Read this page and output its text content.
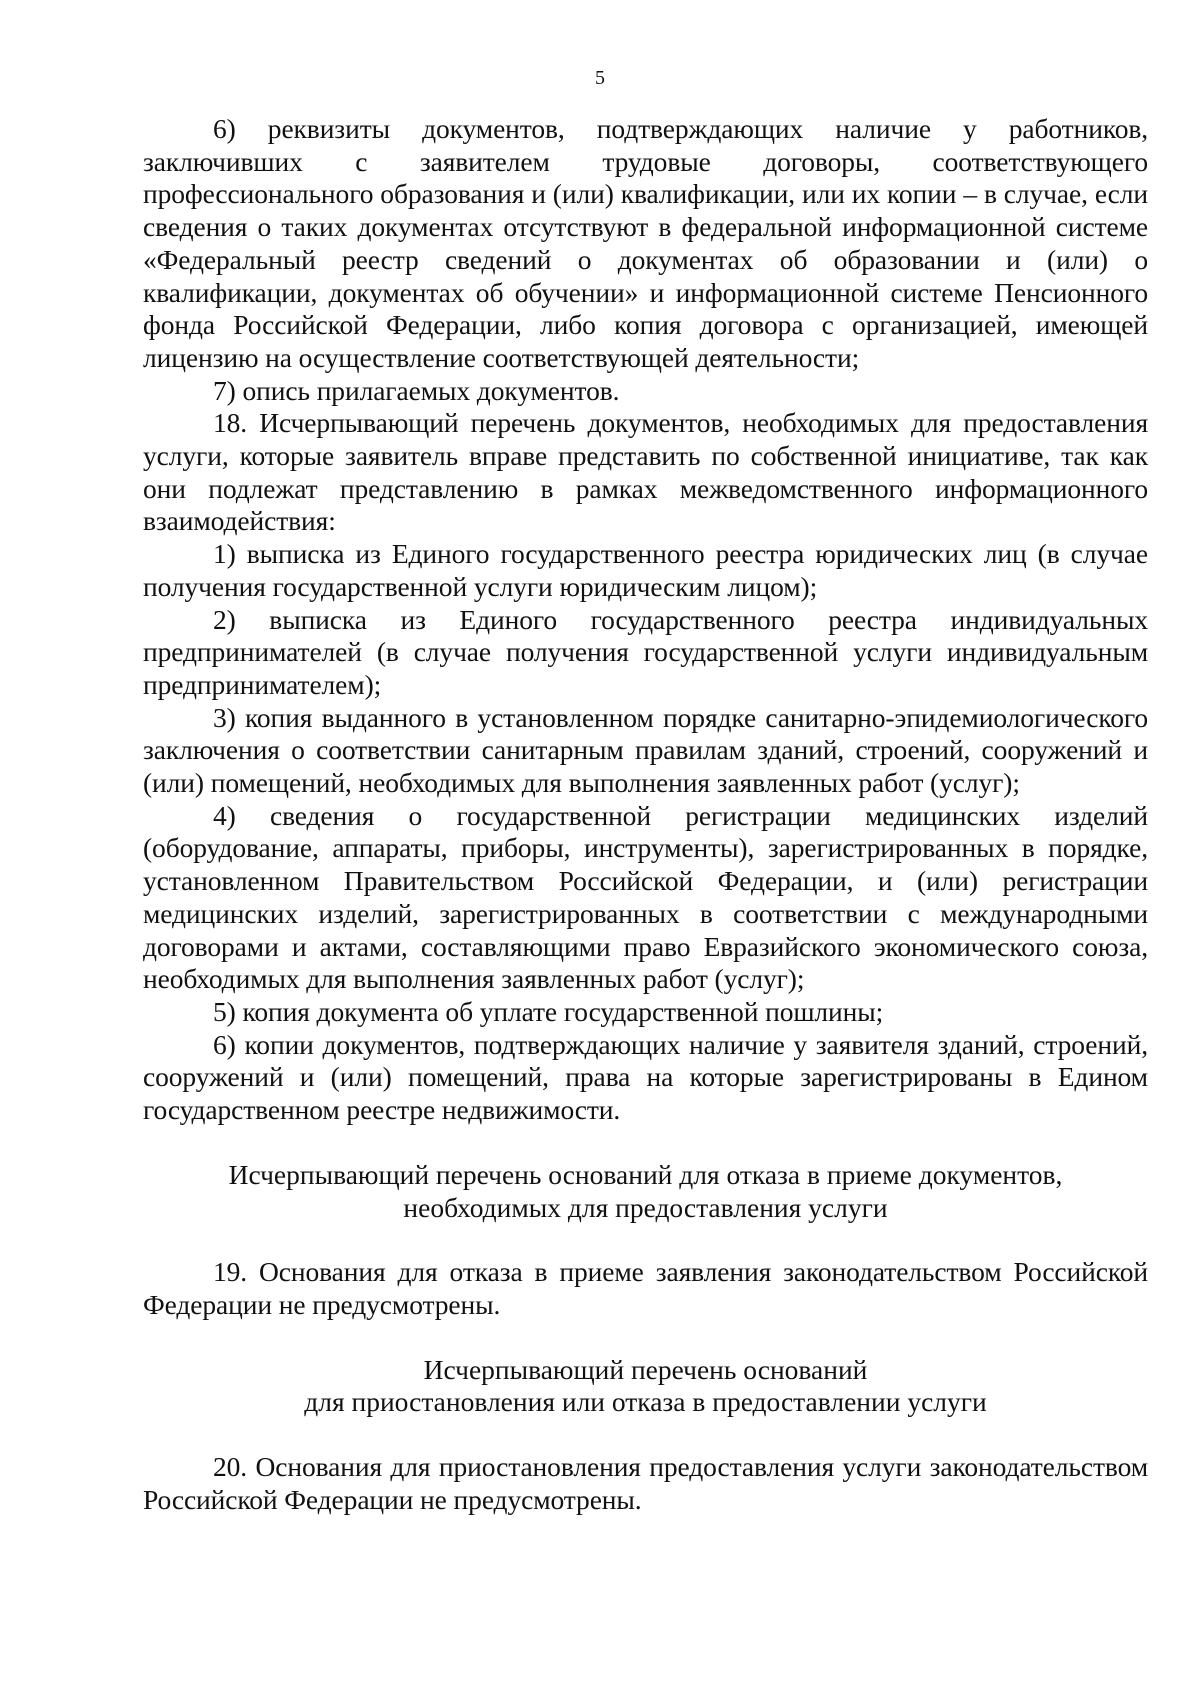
5

6) реквизиты документов, подтверждающих наличие у работников, заключивших с заявителем трудовые договоры, соответствующего профессионального образования и (или) квалификации, или их копии – в случае, если сведения о таких документах отсутствуют в федеральной информационной системе «Федеральный реестр сведений о документах об образовании и (или) о квалификации, документах об обучении» и информационной системе Пенсионного фонда Российской Федерации, либо копия договора с организацией, имеющей лицензию на осуществление соответствующей деятельности;

7) опись прилагаемых документов.

18. Исчерпывающий перечень документов, необходимых для предоставления услуги, которые заявитель вправе представить по собственной инициативе, так как они подлежат представлению в рамках межведомственного информационного взаимодействия:

1) выписка из Единого государственного реестра юридических лиц (в случае получения государственной услуги юридическим лицом);

2) выписка из Единого государственного реестра индивидуальных предпринимателей (в случае получения государственной услуги индивидуальным предпринимателем);

3) копия выданного в установленном порядке санитарно-эпидемиологического заключения о соответствии санитарным правилам зданий, строений, сооружений и (или) помещений, необходимых для выполнения заявленных работ (услуг);

4) сведения о государственной регистрации медицинских изделий (оборудование, аппараты, приборы, инструменты), зарегистрированных в порядке, установленном Правительством Российской Федерации, и (или) регистрации медицинских изделий, зарегистрированных в соответствии с международными договорами и актами, составляющими право Евразийского экономического союза, необходимых для выполнения заявленных работ (услуг);

5) копия документа об уплате государственной пошлины;

6) копии документов, подтверждающих наличие у заявителя зданий, строений, сооружений и (или) помещений, права на которые зарегистрированы в Едином государственном реестре недвижимости.

Исчерпывающий перечень оснований для отказа в приеме документов,

необходимых для предоставления услуги

19. Основания для отказа в приеме заявления законодательством Российской Федерации не предусмотрены.

Исчерпывающий перечень оснований

для приостановления или отказа в предоставлении услуги

20. Основания для приостановления предоставления услуги законодательством Российской Федерации не предусмотрены.
